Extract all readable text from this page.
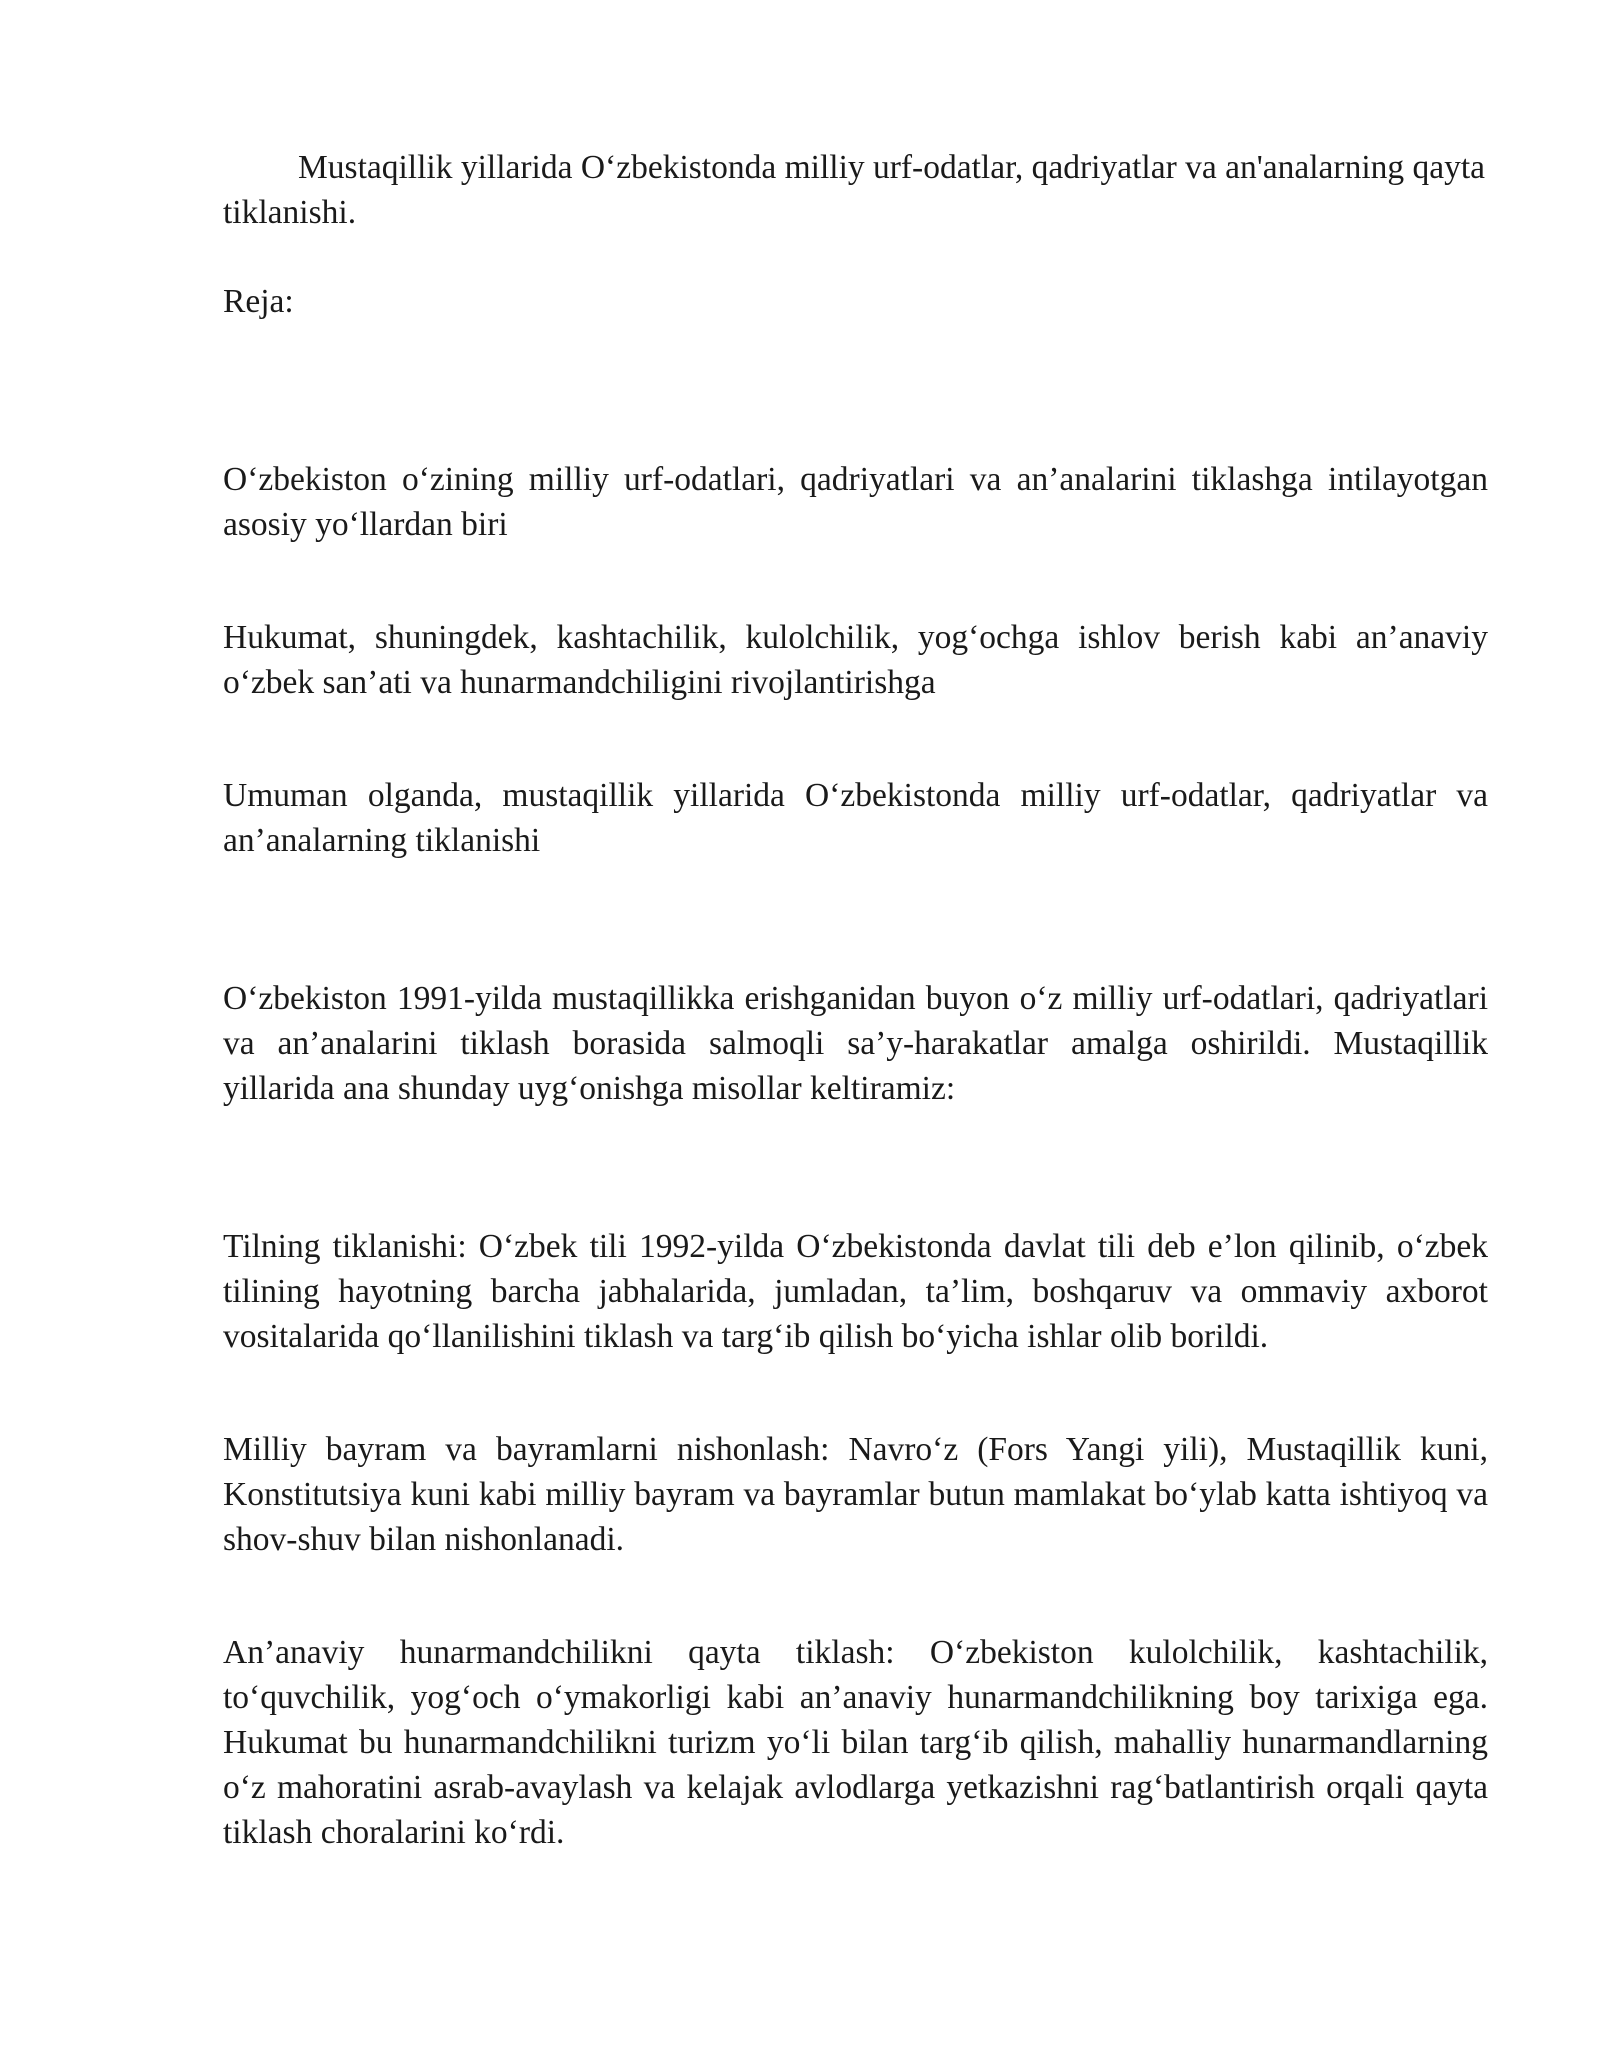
Mustaqillik yillarida O‘zbekistonda milliy urf-odatlar, qadriyatlar va an'analarning qayta tiklanishi.

Reja:

O‘zbekiston o‘zining milliy urf-odatlari, qadriyatlari va an’analarini tiklashga intilayotgan asosiy yo‘llardan biri

Hukumat, shuningdek, kashtachilik, kulolchilik, yog‘ochga ishlov berish kabi an’anaviy o‘zbek san’ati va hunarmandchiligini rivojlantirishga

Umuman olganda, mustaqillik yillarida O‘zbekistonda milliy urf-odatlar, qadriyatlar va an’analarning tiklanishi

O‘zbekiston 1991-yilda mustaqillikka erishganidan buyon o‘z milliy urf-odatlari, qadriyatlari va an’analarini tiklash borasida salmoqli sa’y-harakatlar amalga oshirildi. Mustaqillik yillarida ana shunday uyg‘onishga misollar keltiramiz:

Tilning tiklanishi: O‘zbek tili 1992-yilda O‘zbekistonda davlat tili deb e’lon qilinib, o‘zbek tilining hayotning barcha jabhalarida, jumladan, ta’lim, boshqaruv va ommaviy axborot vositalarida qo‘llanilishini tiklash va targ‘ib qilish bo‘yicha ishlar olib borildi.

Milliy bayram va bayramlarni nishonlash: Navro‘z (Fors Yangi yili), Mustaqillik kuni, Konstitutsiya kuni kabi milliy bayram va bayramlar butun mamlakat bo‘ylab katta ishtiyoq va shov-shuv bilan nishonlanadi.

An’anaviy hunarmandchilikni qayta tiklash: O‘zbekiston kulolchilik, kashtachilik, to‘quvchilik, yog‘och o‘ymakorligi kabi an’anaviy hunarmandchilikning boy tarixiga ega. Hukumat bu hunarmandchilikni turizm yo‘li bilan targ‘ib qilish, mahalliy hunarmandlarning o‘z mahoratini asrab-avaylash va kelajak avlodlarga yetkazishni rag‘batlantirish orqali qayta tiklash choralarini ko‘rdi.
